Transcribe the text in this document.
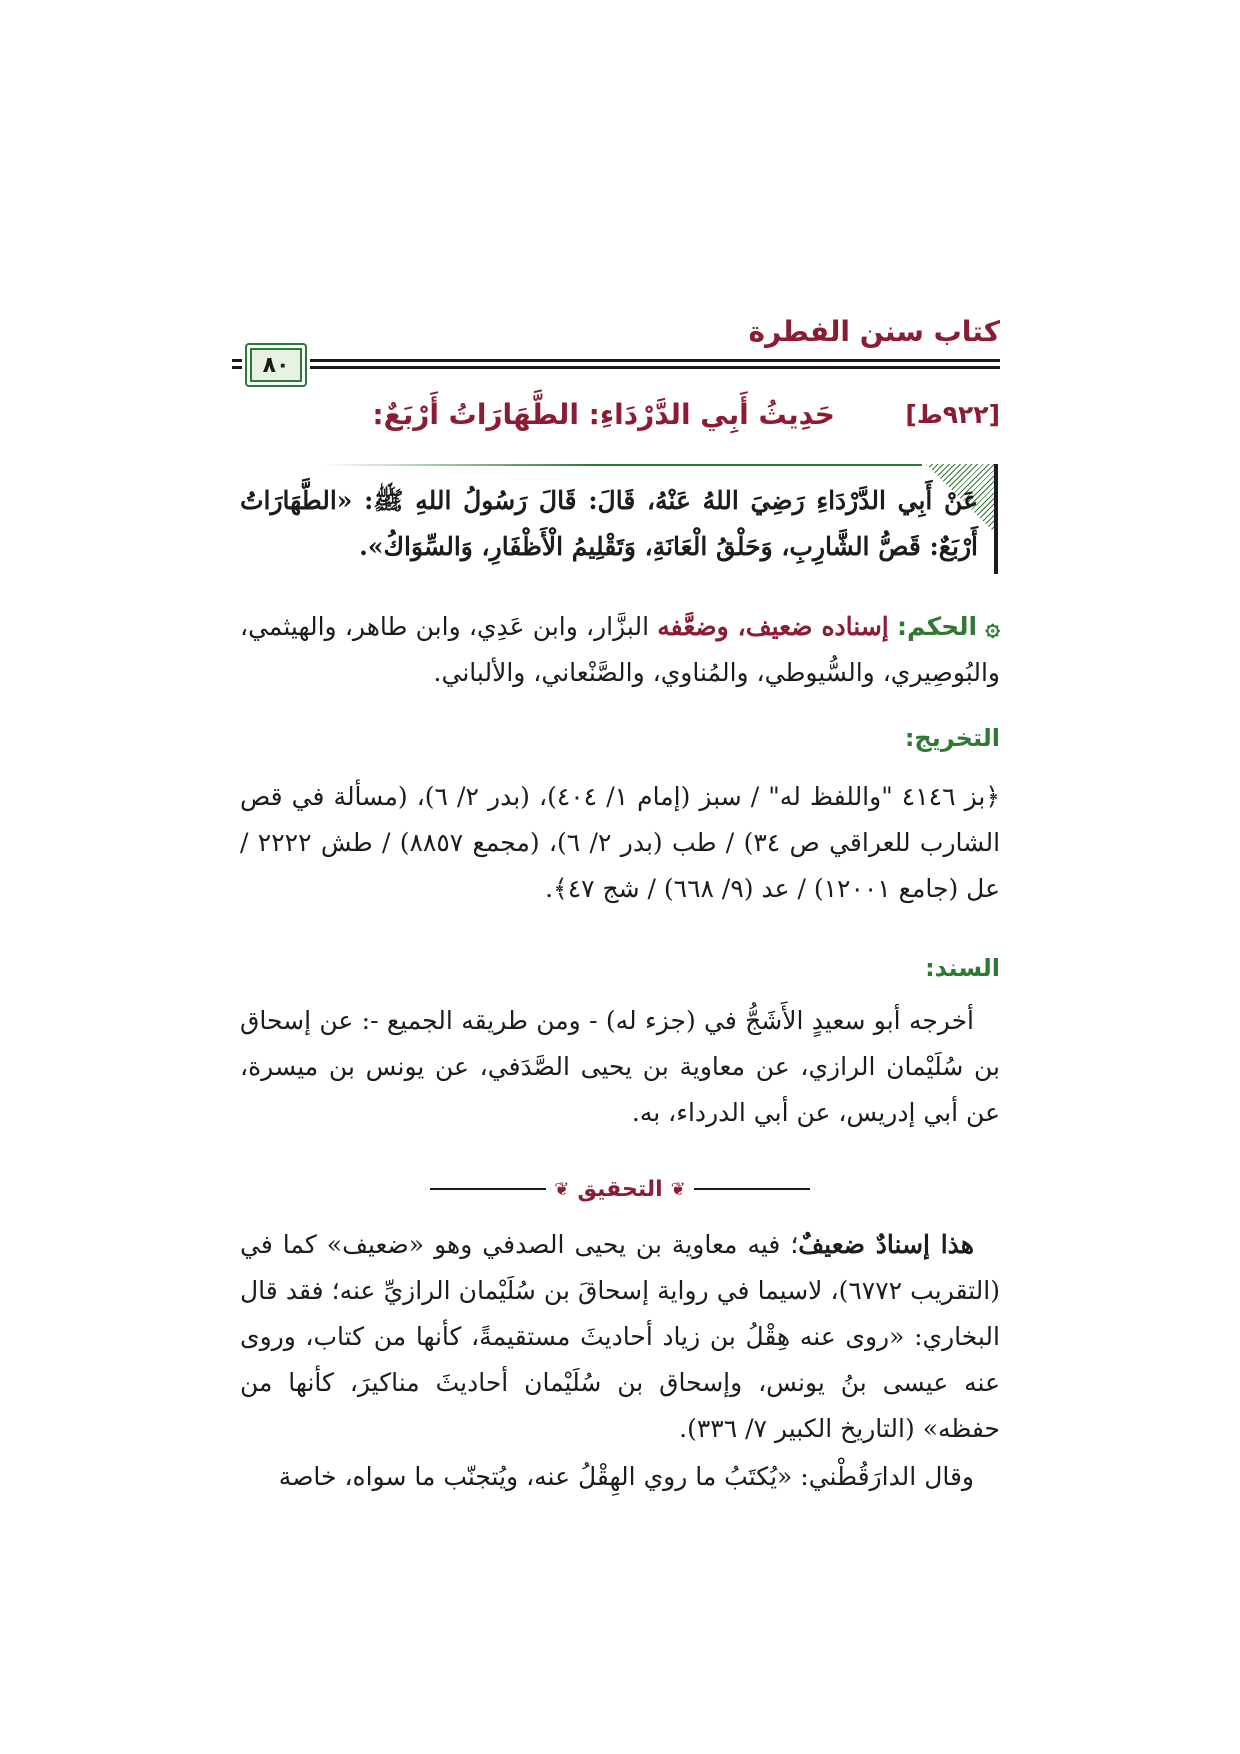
كتاب سنن الفطرة
٨٠
[٩٢٢ط]
حَدِيثُ أَبِي الدَّرْدَاءِ: الطَّهَارَاتُ أَرْبَعٌ:

عَنْ أَبِي الدَّرْدَاءِ رَضِيَ اللهُ عَنْهُ، قَالَ: قَالَ رَسُولُ اللهِ ﷺ: «الطَّهَارَاتُ أَرْبَعٌ: قَصُّ الشَّارِبِ، وَحَلْقُ الْعَانَةِ، وَتَقْلِيمُ الْأَظْفَارِ، وَالسِّوَاكُ».

۞ الحكم: إسناده ضعيف، وضعَّفه البزَّار، وابن عَدِي، وابن طاهر، والهيثمي، والبُوصِيري، والسُّيوطي، والمُناوي، والصَّنْعاني، والألباني.

التخريج:

﴿بز ٤١٤٦ "واللفظ له" / سبز (إمام ١/ ٤٠٤)، (بدر ٢/ ٦)، (مسألة في قص الشارب للعراقي ص ٣٤) / طب (بدر ٢/ ٦)، (مجمع ٨٨٥٧) / طش ٢٢٢٢ / عل (جامع ١٢٠٠١) / عد (٩/ ٦٦٨) / شج ٤٧﴾.

السند:

أخرجه أبو سعيدٍ الأَشَجُّ في (جزء له) - ومن طريقه الجميع -: عن إسحاق بن سُلَيْمان الرازي، عن معاوية بن يحيى الصَّدَفي، عن يونس بن ميسرة، عن أبي إدريس، عن أبي الدرداء، به.

❦
التحقيق
❦

هذا إسنادٌ ضعيفٌ؛ فيه معاوية بن يحيى الصدفي وهو «ضعيف» كما في (التقريب ٦٧٧٢)، لاسيما في رواية إسحاقَ بن سُلَيْمان الرازيِّ عنه؛ فقد قال البخاري: «روى عنه هِقْلُ بن زياد أحاديثَ مستقيمةً، كأنها من كتاب، وروى عنه عيسى بنُ يونس، وإسحاق بن سُلَيْمان أحاديثَ مناكيرَ، كأنها من حفظه» (التاريخ الكبير ٧/ ٣٣٦).

وقال الدارَقُطْني: «يُكتَبُ ما روي الهِقْلُ عنه، ويُتجنّب ما سواه، خاصة
